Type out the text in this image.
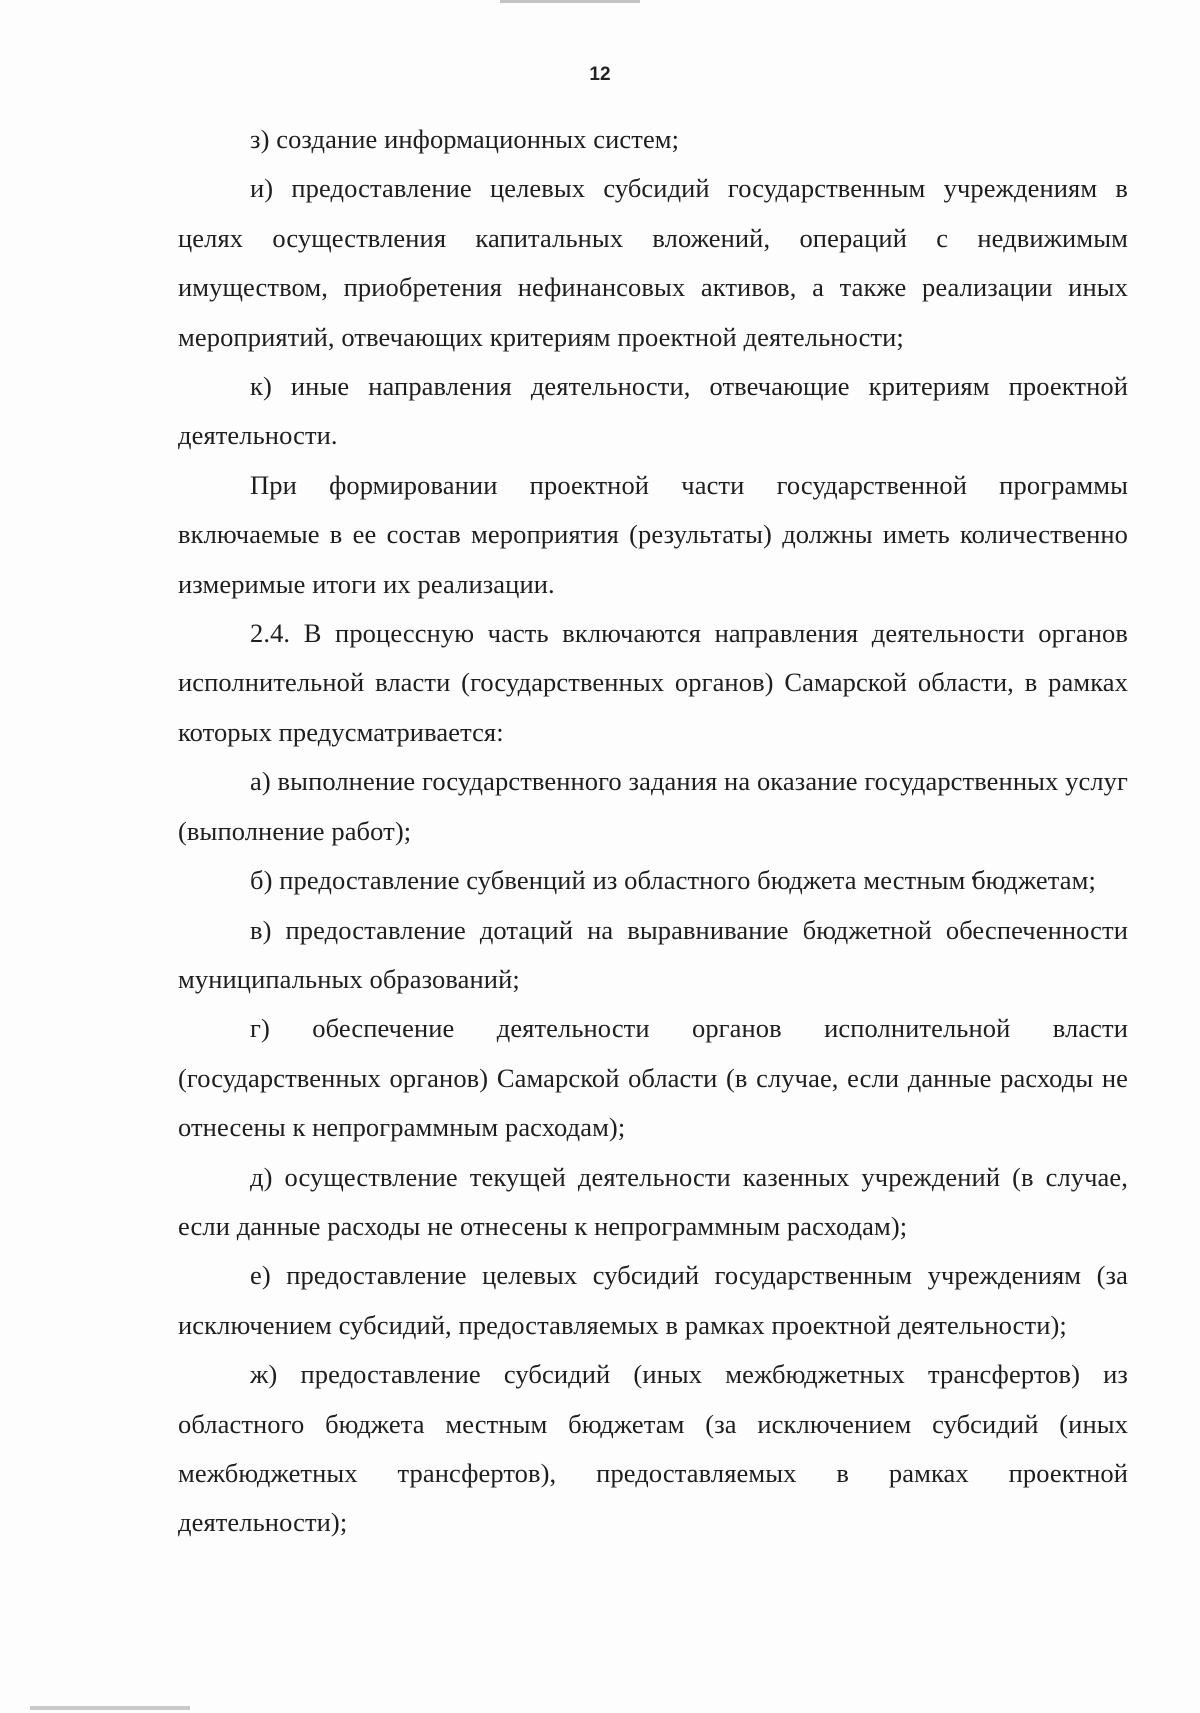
12

з) создание информационных систем;

и) предоставление целевых субсидий государственным учреждениям в целях осуществления капитальных вложений, операций с недвижимым имуществом, приобретения нефинансовых активов, а также реализации иных мероприятий, отвечающих критериям проектной деятельности;

к) иные направления деятельности, отвечающие критериям проектной деятельности.

При формировании проектной части государственной программы включаемые в ее состав мероприятия (результаты) должны иметь количественно измеримые итоги их реализации.

2.4. В процессную часть включаются направления деятельности органов исполнительной власти (государственных органов) Самарской области, в рамках которых предусматривается:

а) выполнение государственного задания на оказание государственных услуг (выполнение работ);

б) предоставление субвенций из областного бюджета местным бюджетам;

в) предоставление дотаций на выравнивание бюджетной обеспеченности муниципальных образований;

г) обеспечение деятельности органов исполнительной власти (государственных органов) Самарской области (в случае, если данные расходы не отнесены к непрограммным расходам);

д) осуществление текущей деятельности казенных учреждений (в случае, если данные расходы не отнесены к непрограммным расходам);

е) предоставление целевых субсидий государственным учреждениям (за исключением субсидий, предоставляемых в рамках проектной деятельности);

ж) предоставление субсидий (иных межбюджетных трансфертов) из областного бюджета местным бюджетам (за исключением субсидий (иных межбюджетных трансфертов), предоставляемых в рамках проектной деятельности);
